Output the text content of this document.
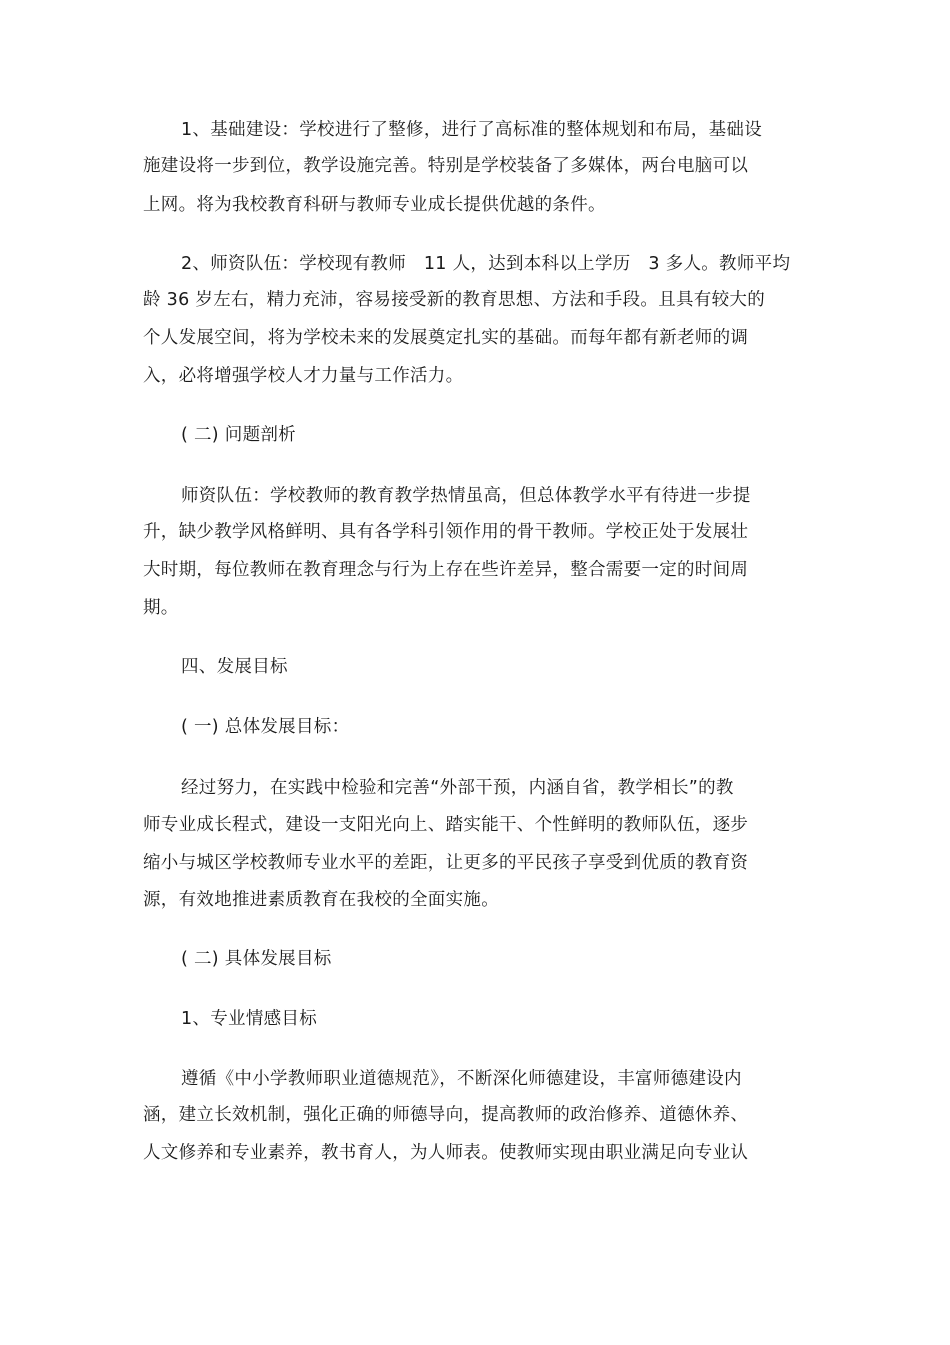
1、基础建设：学校进行了整修，进行了高标准的整体规划和布局，基础设
施建设将一步到位，教学设施完善。特别是学校装备了多媒体，两台电脑可以
上网。将为我校教育科研与教师专业成长提供优越的条件。
2、师资队伍：学校现有教师　11 人，达到本科以上学历　3 多人。教师平均
龄 36 岁左右，精力充沛，容易接受新的教育思想、方法和手段。且具有较大的
个人发展空间，将为学校未来的发展奠定扎实的基础。而每年都有新老师的调
入，必将增强学校人才力量与工作活力。
( 二) 问题剖析
师资队伍：学校教师的教育教学热情虽高，但总体教学水平有待进一步提
升，缺少教学风格鲜明、具有各学科引领作用的骨干教师。学校正处于发展壮
大时期，每位教师在教育理念与行为上存在些许差异，整合需要一定的时间周
期。
四、发展目标
( 一) 总体发展目标：
经过努力，在实践中检验和完善“外部干预，内涵自省，教学相长”的教
师专业成长程式，建设一支阳光向上、踏实能干、个性鲜明的教师队伍，逐步
缩小与城区学校教师专业水平的差距，让更多的平民孩子享受到优质的教育资
源，有效地推进素质教育在我校的全面实施。
( 二) 具体发展目标
1、专业情感目标
遵循《中小学教师职业道德规范》，不断深化师德建设，丰富师德建设内
涵，建立长效机制，强化正确的师德导向，提高教师的政治修养、道德休养、
人文修养和专业素养，教书育人，为人师表。使教师实现由职业满足向专业认
